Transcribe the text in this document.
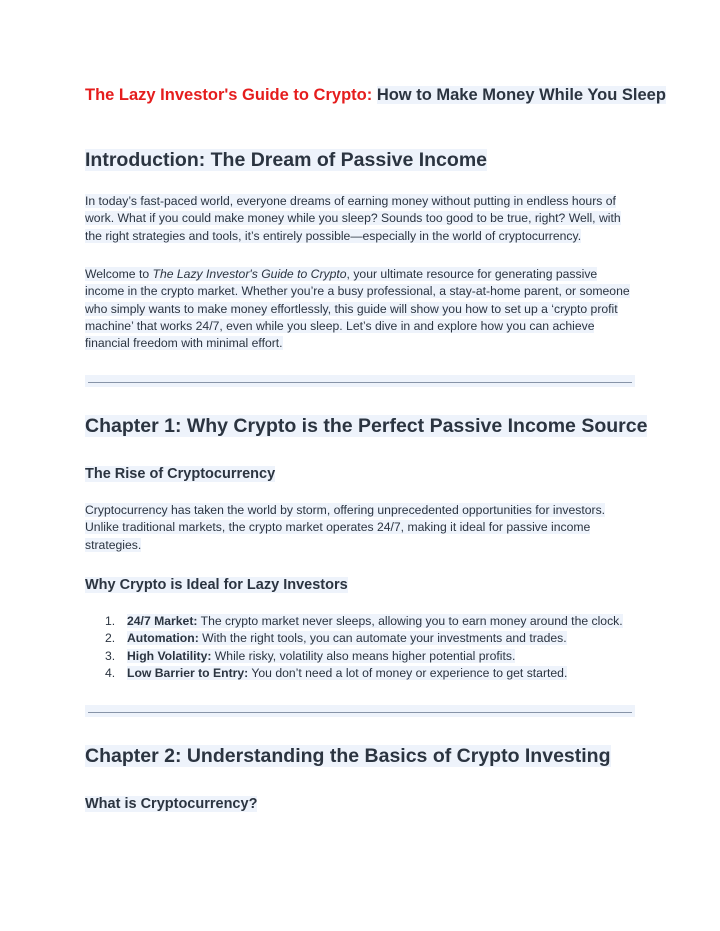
The Lazy Investor's Guide to Crypto: How to Make Money While You Sleep
Introduction: The Dream of Passive Income

In today’s fast-paced world, everyone dreams of earning money without putting in endless hours of work. What if you could make money while you sleep? Sounds too good to be true, right? Well, with the right strategies and tools, it’s entirely possible—especially in the world of cryptocurrency.

Welcome to The Lazy Investor's Guide to Crypto, your ultimate resource for generating passive income in the crypto market. Whether you’re a busy professional, a stay-at-home parent, or someone who simply wants to make money effortlessly, this guide will show you how to set up a ‘crypto profit machine’ that works 24/7, even while you sleep. Let’s dive in and explore how you can achieve financial freedom with minimal effort.

Chapter 1: Why Crypto is the Perfect Passive Income Source
The Rise of Cryptocurrency

Cryptocurrency has taken the world by storm, offering unprecedented opportunities for investors. Unlike traditional markets, the crypto market operates 24/7, making it ideal for passive income strategies.

Why Crypto is Ideal for Lazy Investors
1. 24/7 Market: The crypto market never sleeps, allowing you to earn money around the clock.
2. Automation: With the right tools, you can automate your investments and trades.
3. High Volatility: While risky, volatility also means higher potential profits.
4. Low Barrier to Entry: You don’t need a lot of money or experience to get started.
Chapter 2: Understanding the Basics of Crypto Investing
What is Cryptocurrency?
